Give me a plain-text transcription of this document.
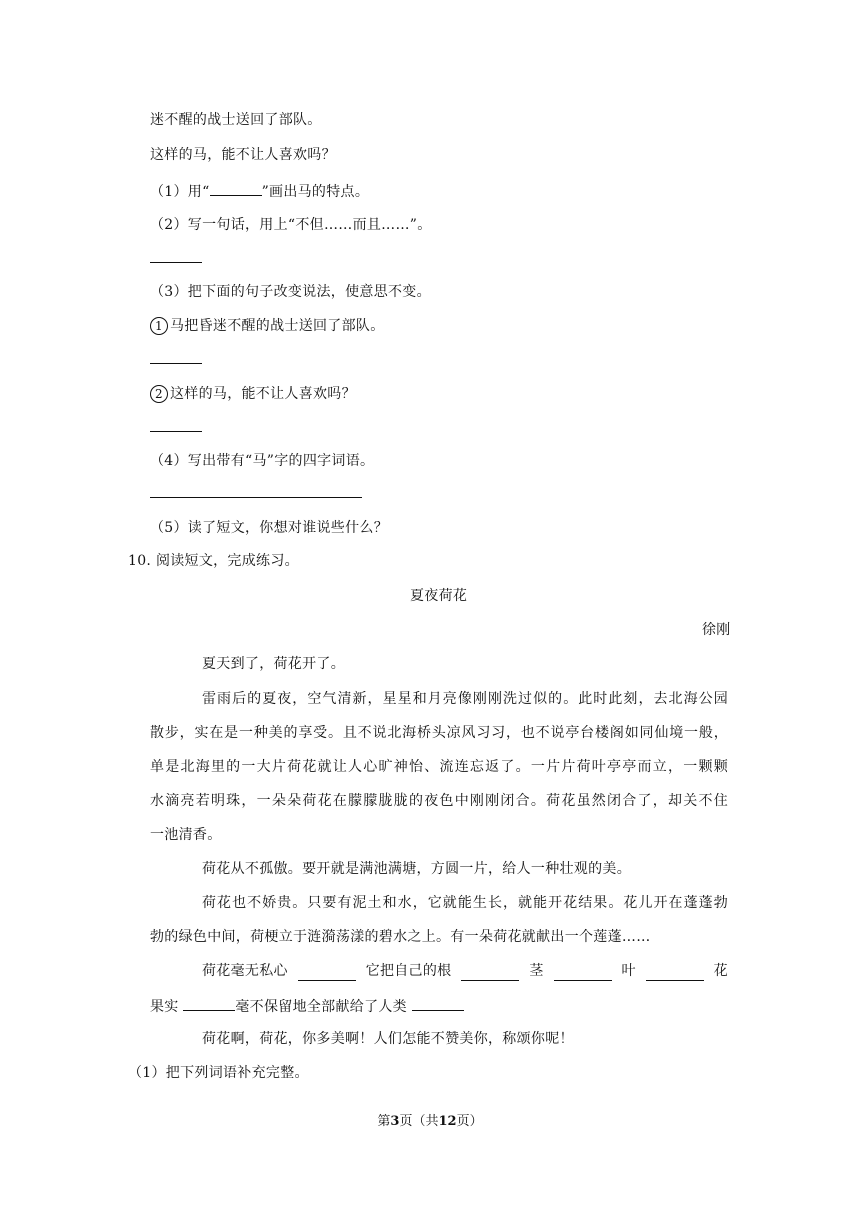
迷不醒的战士送回了部队。
这样的马，能不让人喜欢吗？
（1）用“	”画出马的特点。
（2）写一句话，用上“不但……而且……”。
（3）把下面的句子改变说法，使意思不变。
1 马把昏迷不醒的战士送回了部队。
2 这样的马，能不让人喜欢吗？
（4）写出带有“马”字的四字词语。
（5）读了短文，你想对谁说些什么？
10. 阅读短文，完成练习。
夏夜荷花
徐刚
夏天到了，荷花开了。
雷雨后的夏夜，空气清新，星星和月亮像刚刚洗过似的。此时此刻，去北海公园
散步，实在是一种美的享受。且不说北海桥头凉风习习，也不说亭台楼阁如同仙境一般，
单是北海里的一大片荷花就让人心旷神怡、流连忘返了。一片片荷叶亭亭而立，一颗颗
水滴亮若明珠，一朵朵荷花在朦朦胧胧的夜色中刚刚闭合。荷花虽然闭合了，却关不住
一池清香。
荷花从不孤傲。要开就是满池满塘，方圆一片，给人一种壮观的美。
荷花也不娇贵。只要有泥土和水，它就能生长，就能开花结果。花儿开在蓬蓬勃
勃的绿色中间，荷梗立于涟漪荡漾的碧水之上。有一朵荷花就献出一个莲蓬……
荷花毫无私心	它把自己的根	茎	叶	花
果实	毫不保留地全部献给了人类
荷花啊，荷花，你多美啊！人们怎能不赞美你，称颂你呢！
（1）把下列词语补充完整。
第3页（共12页）
